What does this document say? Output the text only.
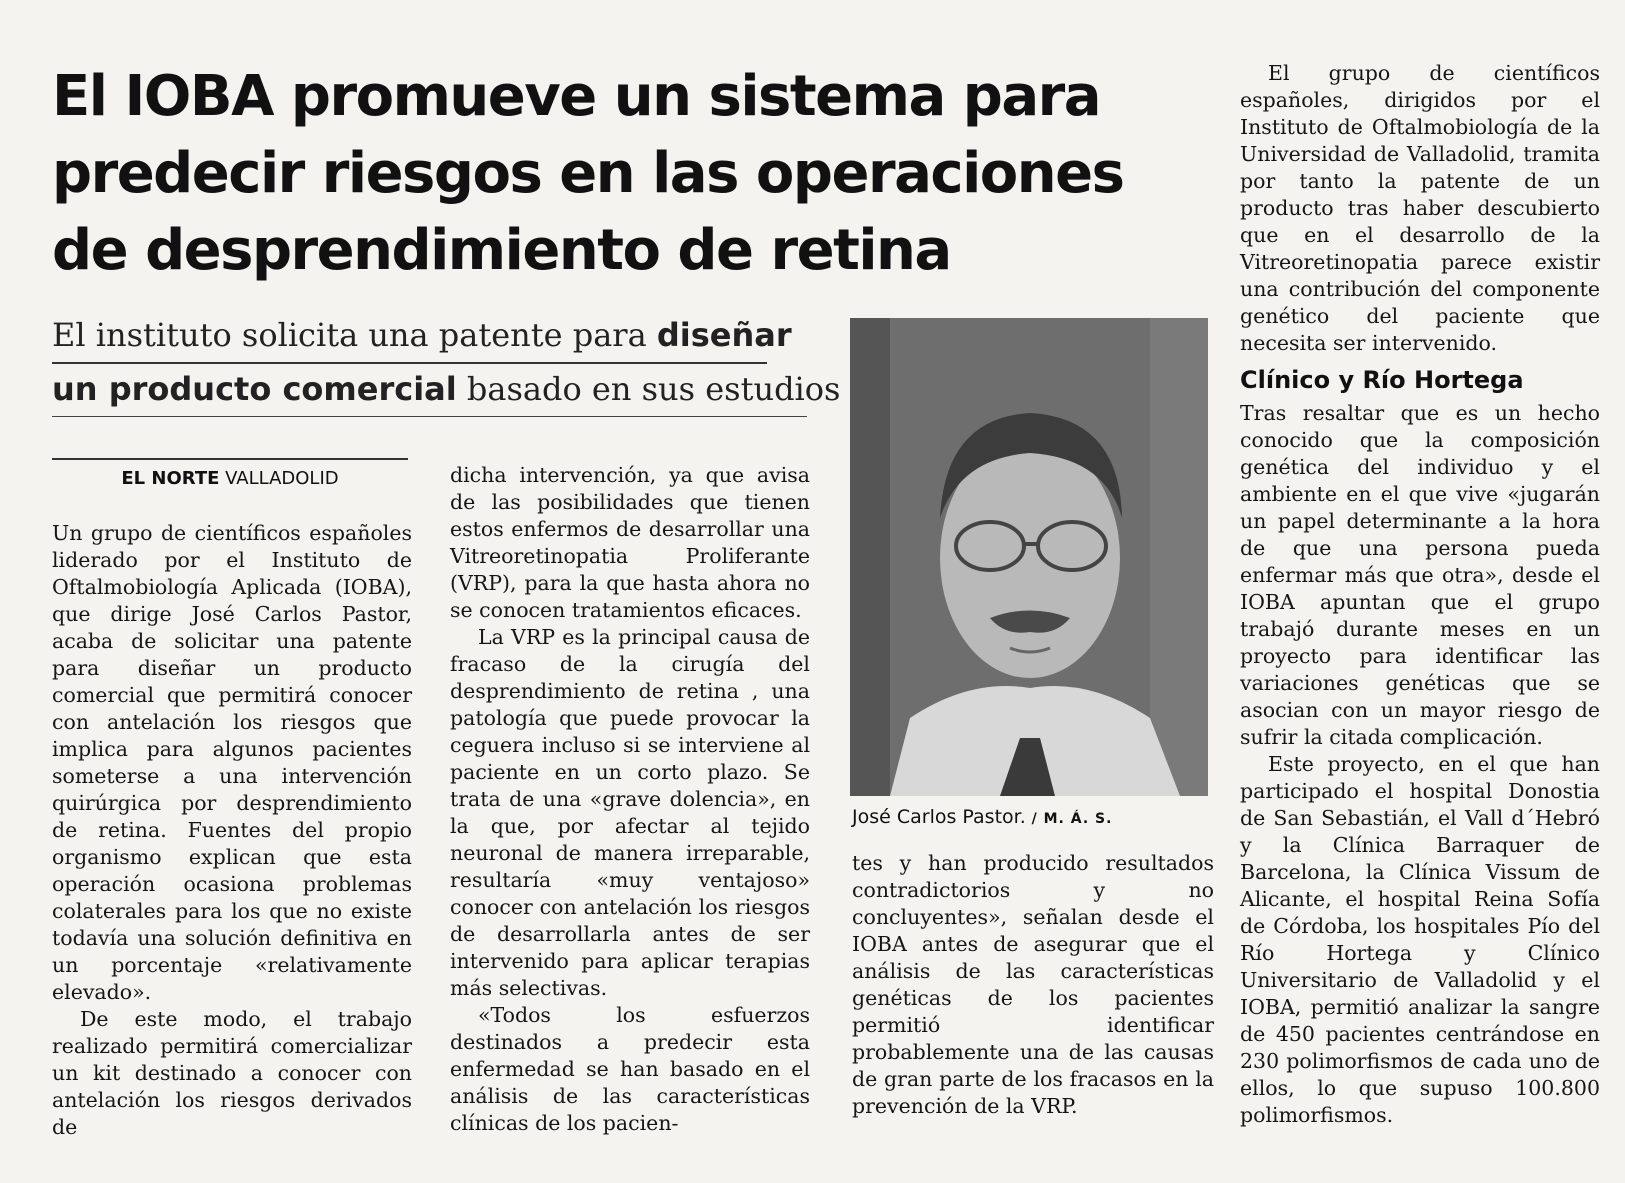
El IOBA promueve un sistema para
predecir riesgos en las operaciones
de desprendimiento de retina
El instituto solicita una patente para diseñar
un producto comercial basado en sus estudios
EL NORTE VALLADOLID

Un grupo de científicos españoles liderado por el Instituto de Oftalmobiología Aplicada (IOBA), que dirige José Carlos Pastor, acaba de solicitar una patente para diseñar un producto comercial que permitirá conocer con antelación los riesgos que implica para algunos pacientes someterse a una intervención quirúrgica por desprendimiento de retina. Fuentes del propio organismo explican que esta operación ocasiona problemas colaterales para los que no existe todavía una solución definitiva en un porcentaje «relativamente elevado».

De este modo, el trabajo realizado permitirá comercializar un kit destinado a conocer con antelación los riesgos derivados de

dicha intervención, ya que avisa de las posibilidades que tienen estos enfermos de desarrollar una Vitreoretinopatia Proliferante (VRP), para la que hasta ahora no se conocen tratamientos eficaces.

La VRP es la principal causa de fracaso de la cirugía del desprendimiento de retina , una patología que puede provocar la ceguera incluso si se interviene al paciente en un corto plazo. Se trata de una «grave dolencia», en la que, por afectar al tejido neuronal de manera irreparable, resultaría «muy ventajoso» conocer con antelación los riesgos de desarrollarla antes de ser intervenido para aplicar terapias más selectivas.

«Todos los esfuerzos destinados a predecir esta enfermedad se han basado en el análisis de las características clínicas de los pacien-

José Carlos Pastor. / M. Á. S.

tes y han producido resultados contradictorios y no concluyentes», señalan desde el IOBA antes de asegurar que el análisis de las características genéticas de los pacientes permitió identificar probablemente una de las causas de gran parte de los fracasos en la prevención de la VRP.

El grupo de científicos españoles, dirigidos por el Instituto de Oftalmobiología de la Universidad de Valladolid, tramita por tanto la patente de un producto tras haber descubierto que en el desarrollo de la Vitreoretinopatia parece existir una contribución del componente genético del paciente que necesita ser intervenido.

Clínico y Río Hortega

Tras resaltar que es un hecho conocido que la composición genética del individuo y el ambiente en el que vive «jugarán un papel determinante a la hora de que una persona pueda enfermar más que otra», desde el IOBA apuntan que el grupo trabajó durante meses en un proyecto para identificar las variaciones genéticas que se asocian con un mayor riesgo de sufrir la citada complicación.

Este proyecto, en el que han participado el hospital Donostia de San Sebastián, el Vall d´Hebró y la Clínica Barraquer de Barcelona, la Clínica Vissum de Alicante, el hospital Reina Sofía de Córdoba, los hospitales Pío del Río Hortega y Clínico Universitario de Valladolid y el IOBA, permitió analizar la sangre de 450 pacientes centrándose en 230 polimorfismos de cada uno de ellos, lo que supuso 100.800 polimorfismos.
